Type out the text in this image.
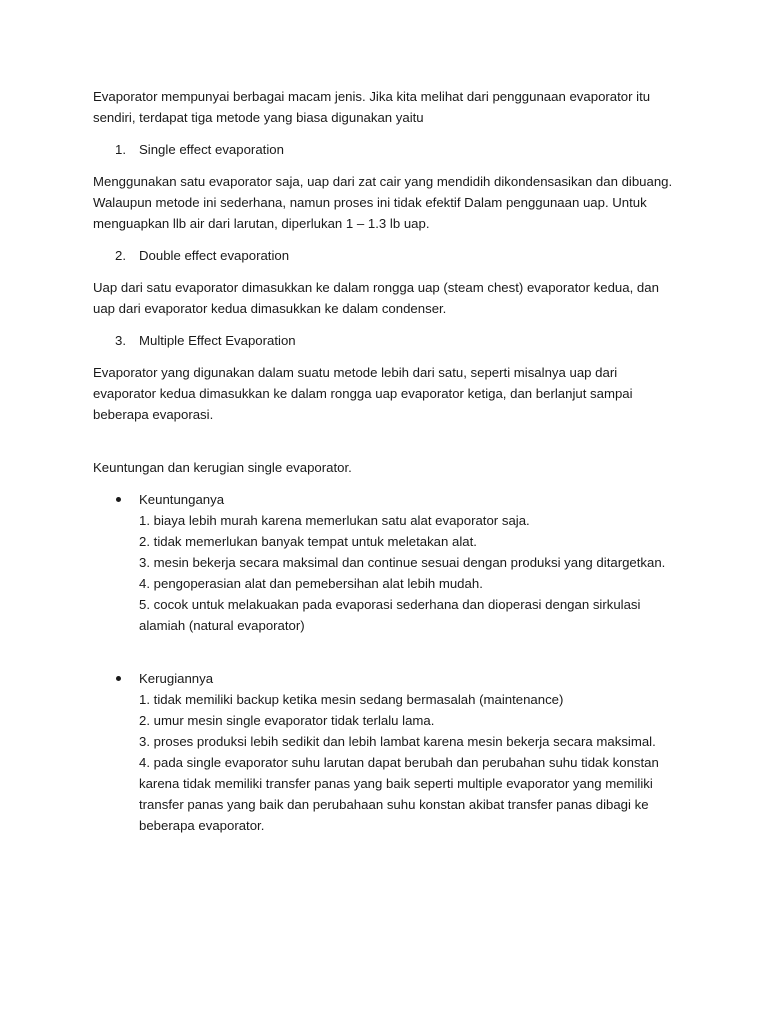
Evaporator mempunyai berbagai macam jenis. Jika kita melihat dari penggunaan evaporator itu sendiri, terdapat tiga metode yang biasa digunakan yaitu

1. Single effect evaporation

Menggunakan satu evaporator saja, uap dari zat cair yang mendidih dikondensasikan dan dibuang. Walaupun metode ini sederhana, namun proses ini tidak efektif Dalam penggunaan uap. Untuk menguapkan llb air dari larutan, diperlukan 1 – 1.3 lb uap.

2. Double effect evaporation

Uap dari satu evaporator dimasukkan ke dalam rongga uap (steam chest) evaporator kedua, dan uap dari evaporator kedua dimasukkan ke dalam condenser.

3. Multiple Effect Evaporation

Evaporator yang digunakan dalam suatu metode lebih dari satu, seperti misalnya uap dari evaporator kedua dimasukkan ke dalam rongga uap evaporator ketiga, dan berlanjut sampai beberapa evaporasi.

Keuntungan dan kerugian single evaporator.

Keuntunganya
1. biaya lebih murah karena memerlukan satu alat evaporator saja.
2. tidak memerlukan banyak tempat untuk meletakan alat.
3. mesin bekerja secara maksimal dan continue sesuai dengan produksi yang ditargetkan.
4. pengoperasian alat dan pemebersihan alat lebih mudah.
5. cocok untuk melakuakan pada evaporasi sederhana dan dioperasi dengan sirkulasi alamiah (natural evaporator)
Kerugiannya
1. tidak memiliki backup ketika mesin sedang bermasalah (maintenance)
2. umur mesin single evaporator tidak terlalu lama.
3. proses produksi lebih sedikit dan lebih lambat karena mesin bekerja secara maksimal.
4. pada single evaporator suhu larutan dapat berubah dan perubahan suhu tidak konstan karena tidak memiliki transfer panas yang baik seperti multiple evaporator yang memiliki transfer panas yang baik dan perubahaan suhu konstan akibat transfer panas dibagi ke beberapa evaporator.
